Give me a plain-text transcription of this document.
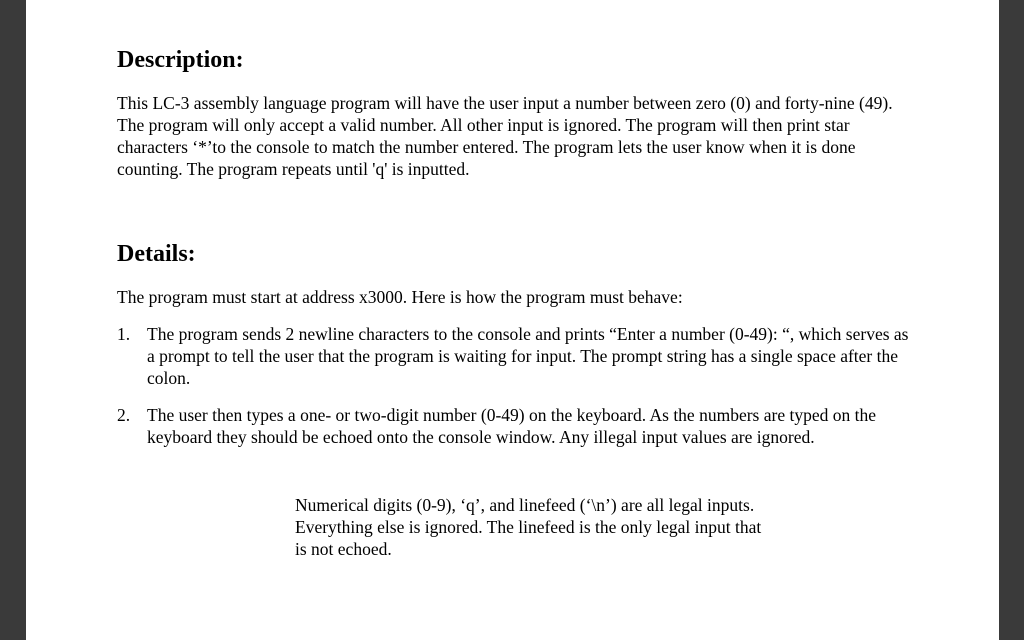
Description:

This LC-3 assembly language program will have the user input a number between zero (0) and forty-nine (49). The program will only accept a valid number. All other input is ignored. The program will then print star characters ‘*’to the console to match the number entered. The program lets the user know when it is done counting. The program repeats until 'q' is inputted.

Details:

The program must start at address x3000. Here is how the program must behave:

1. The program sends 2 newline characters to the console and prints “Enter a number (0-49): “, which serves as a prompt to tell the user that the program is waiting for input. The prompt string has a single space after the colon.
2. The user then types a one- or two-digit number (0-49) on the keyboard. As the numbers are typed on the keyboard they should be echoed onto the console window. Any illegal input values are ignored.

Numerical digits (0-9), ‘q’, and linefeed (‘\n’) are all legal inputs. Everything else is ignored. The linefeed is the only legal input that is not echoed.
